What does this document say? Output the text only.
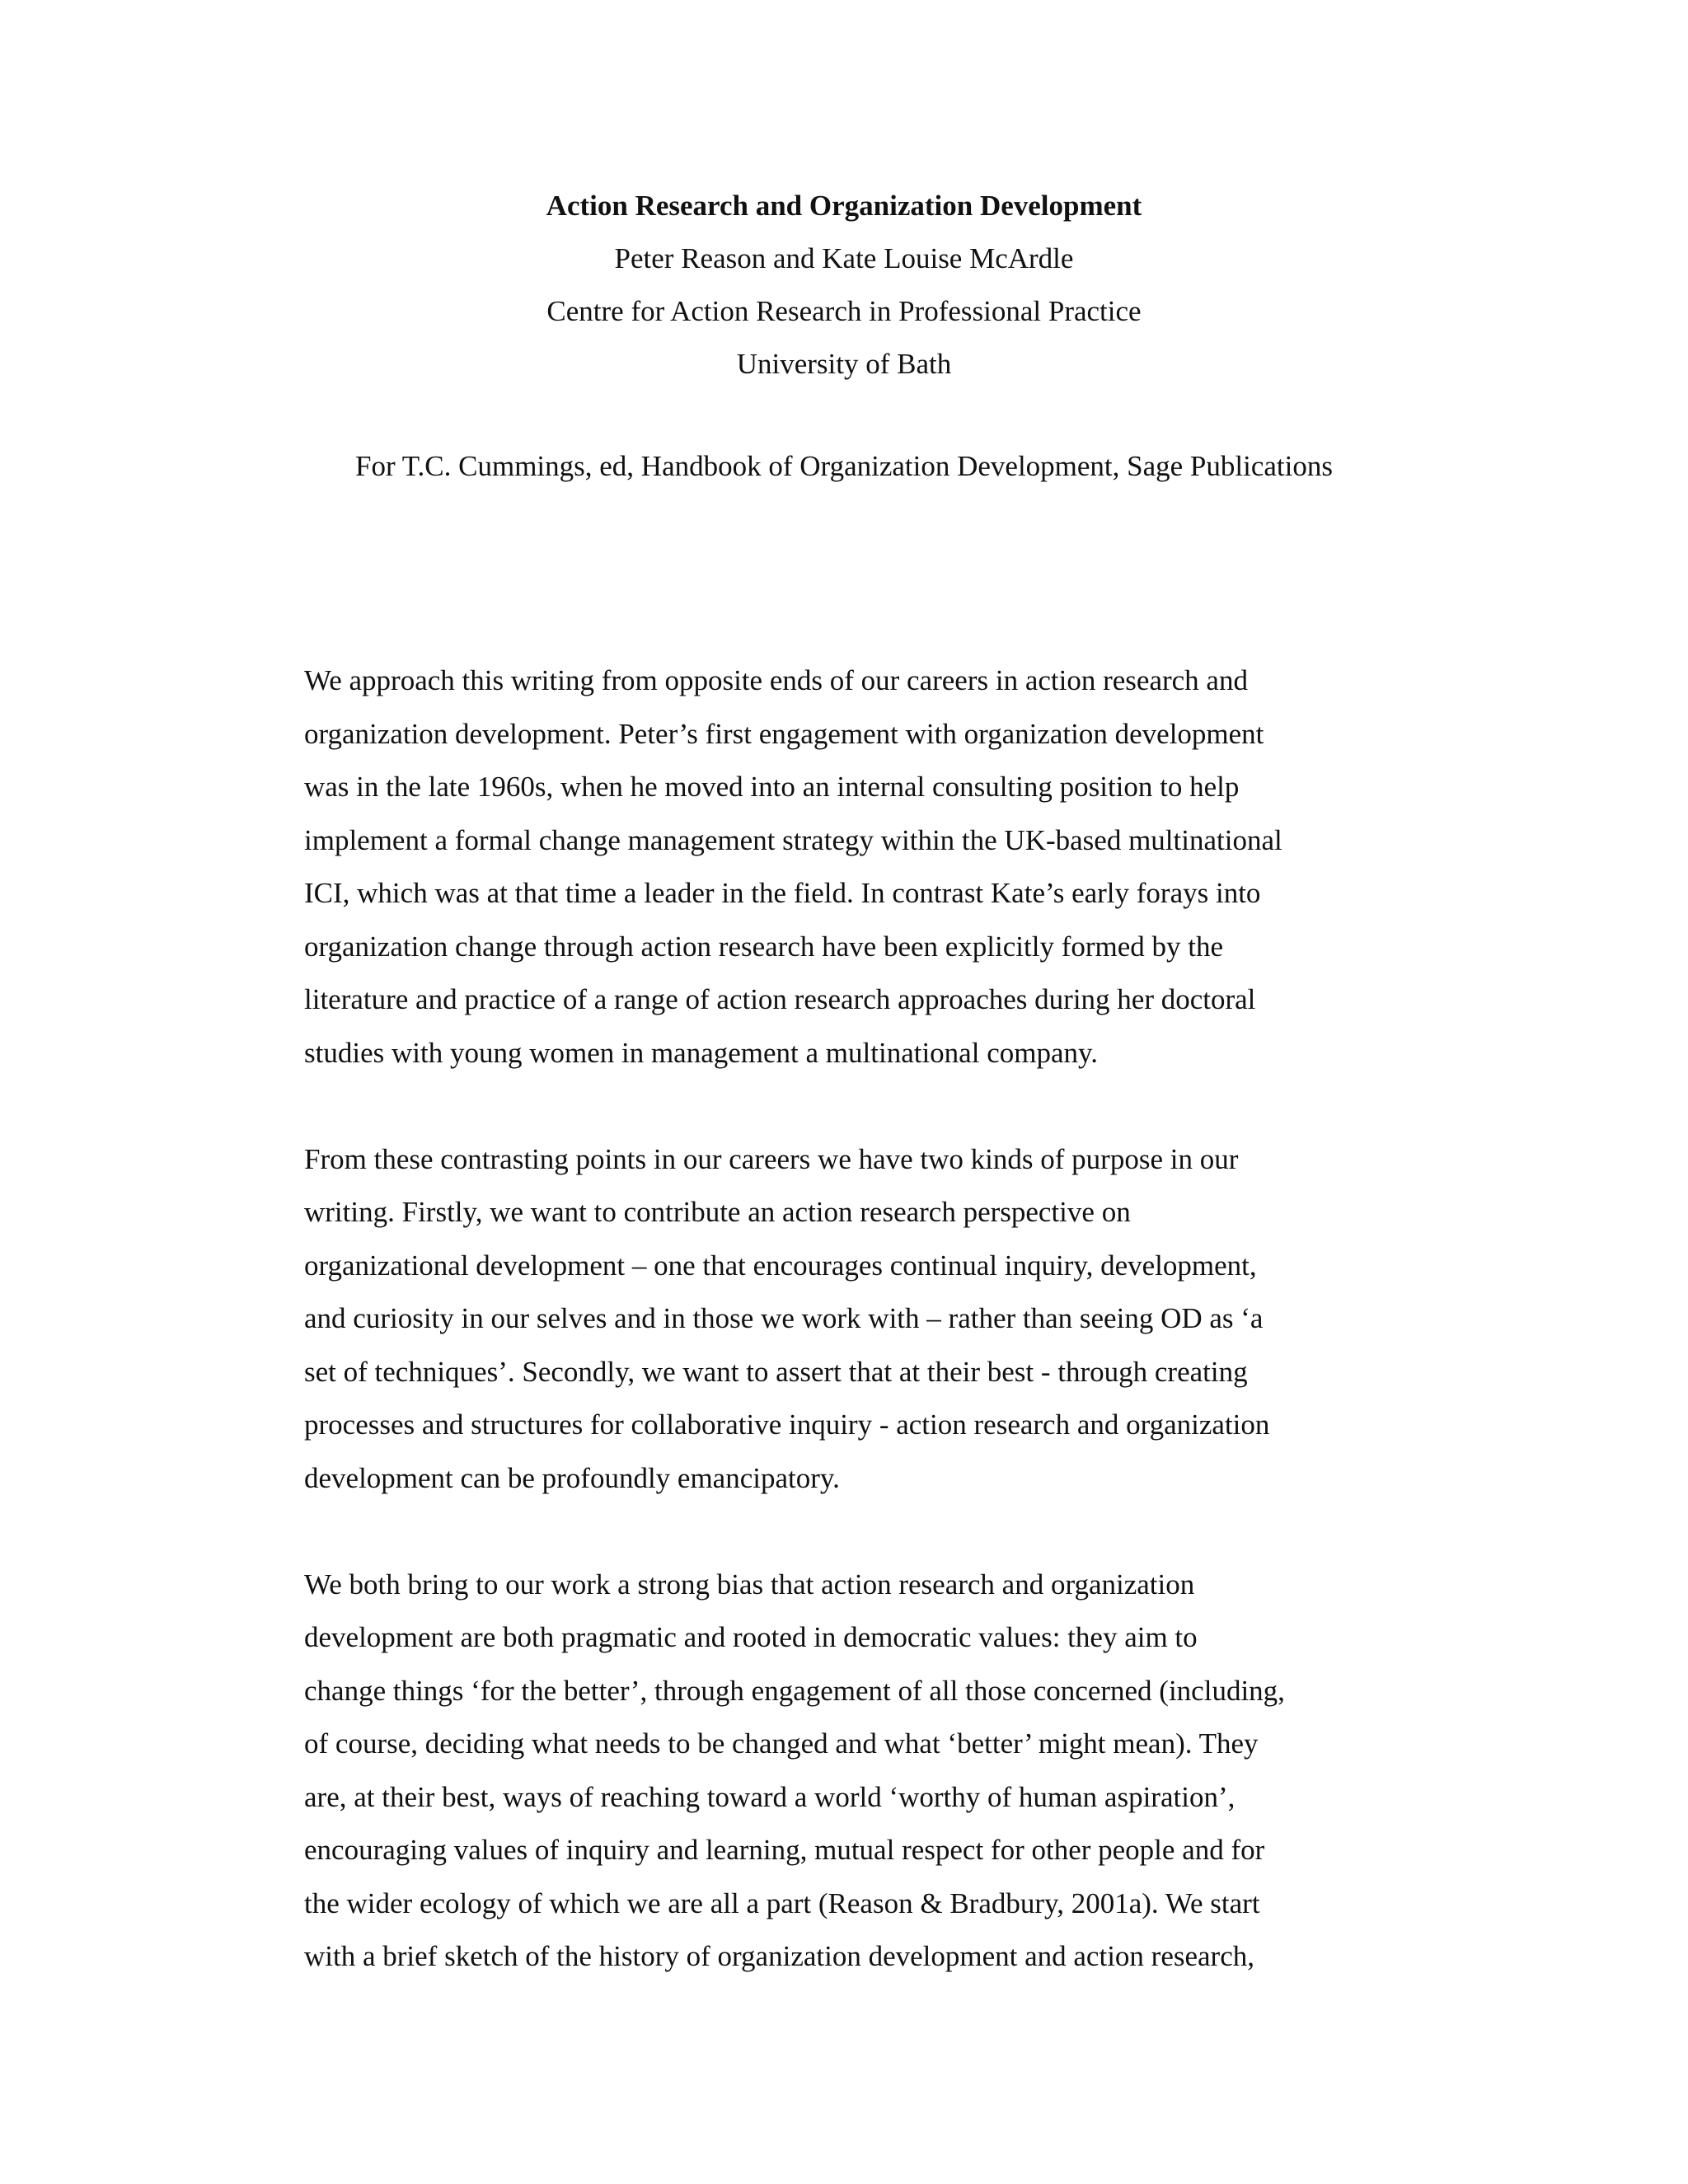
Action Research and Organization Development
Peter Reason and Kate Louise McArdle
Centre for Action Research in Professional Practice
University of Bath
For T.C. Cummings, ed, Handbook of Organization Development, Sage Publications

We approach this writing from opposite ends of our careers in action research and
organization development. Peter’s first engagement with organization development
was in the late 1960s, when he moved into an internal consulting position to help
implement a formal change management strategy within the UK-based multinational
ICI, which was at that time a leader in the field. In contrast Kate’s early forays into
organization change through action research have been explicitly formed by the
literature and practice of a range of action research approaches during her doctoral
studies with young women in management a multinational company.

From these contrasting points in our careers we have two kinds of purpose in our
writing. Firstly, we want to contribute an action research perspective on
organizational development – one that encourages continual inquiry, development,
and curiosity in our selves and in those we work with – rather than seeing OD as ‘a
set of techniques’. Secondly, we want to assert that at their best - through creating
processes and structures for collaborative inquiry - action research and organization
development can be profoundly emancipatory.

We both bring to our work a strong bias that action research and organization
development are both pragmatic and rooted in democratic values: they aim to
change things ‘for the better’, through engagement of all those concerned (including,
of course, deciding what needs to be changed and what ‘better’ might mean). They
are, at their best, ways of reaching toward a world ‘worthy of human aspiration’,
encouraging values of inquiry and learning, mutual respect for other people and for
the wider ecology of which we are all a part (Reason & Bradbury, 2001a). We start
with a brief sketch of the history of organization development and action research,
